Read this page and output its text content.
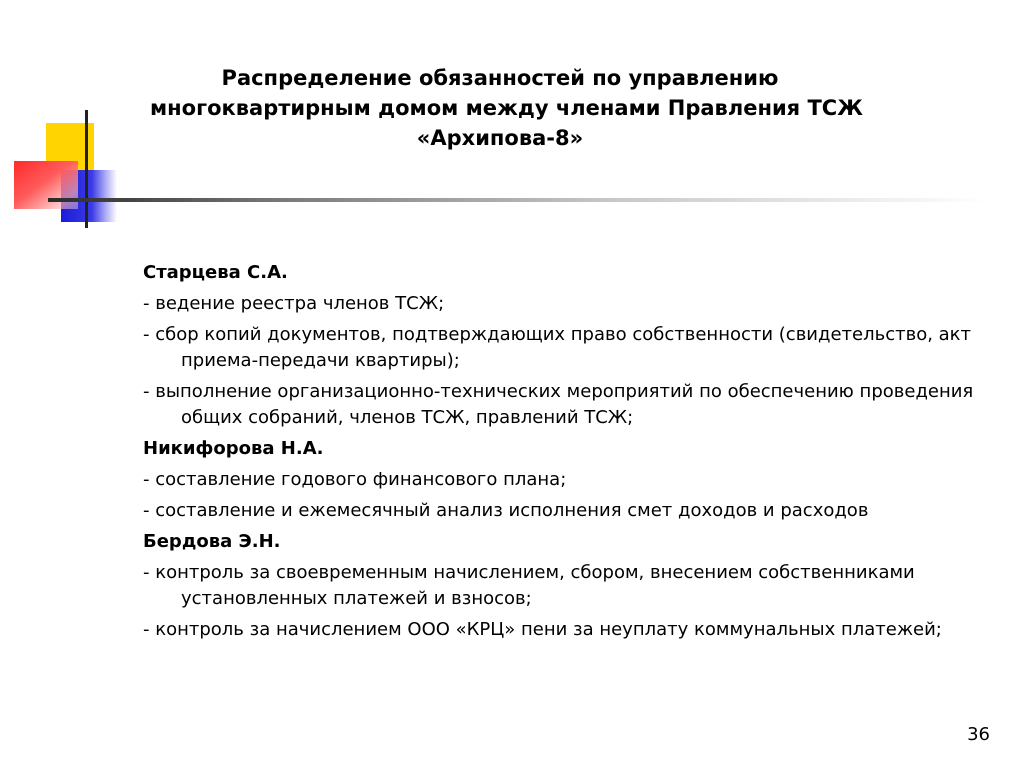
Распределение обязанностей по управлению
многоквартирным домом между членами Правления ТСЖ
«Архипова-8»
Старцева С.А.
- ведение реестра членов ТСЖ;
- сбор копий документов, подтверждающих право собственности (свидетельство, акт приема-передачи квартиры);
- выполнение организационно-технических мероприятий по обеспечению проведения общих собраний, членов ТСЖ, правлений ТСЖ;
Никифорова Н.А.
- составление годового финансового плана;
- составление и ежемесячный анализ исполнения смет доходов и расходов
Бердова Э.Н.
- контроль за своевременным начислением, сбором, внесением собственниками установленных платежей и взносов;
- контроль за начислением ООО «КРЦ» пени за неуплату коммунальных платежей;
36
